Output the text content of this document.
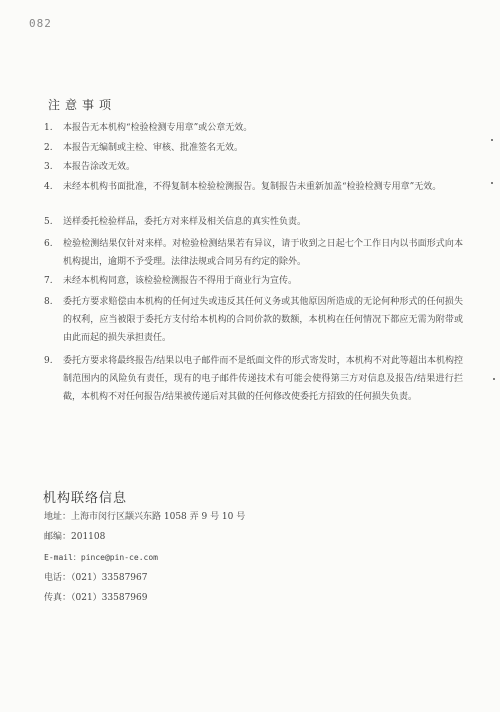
082
注意事项
1. 本报告无本机构“检验检测专用章”或公章无效。
2. 本报告无编制或主检、审核、批准签名无效。
3. 本报告涂改无效。
4. 未经本机构书面批准，不得复制本检验检测报告。复制报告未重新加盖“检验检测专用章”无效。
5. 送样委托检验样品，委托方对来样及相关信息的真实性负责。
6. 检验检测结果仅针对来样。对检验检测结果若有异议，请于收到之日起七个工作日内以书面形式向本机构提出，逾期不予受理。法律法规或合同另有约定的除外。
7. 未经本机构同意，该检验检测报告不得用于商业行为宣传。
8. 委托方要求赔偿由本机构的任何过失或违反其任何义务或其他原因所造成的无论何种形式的任何损失的权利，应当被限于委托方支付给本机构的合同价款的数额，本机构在任何情况下都应无需为附带或由此而起的损失承担责任。
9. 委托方要求将最终报告/结果以电子邮件而不是纸面文件的形式寄发时，本机构不对此等超出本机构控制范围内的风险负有责任，现有的电子邮件传递技术有可能会使得第三方对信息及报告/结果进行拦截，本机构不对任何报告/结果被传递后对其做的任何修改使委托方招致的任何损失负责。
机构联络信息
地址：上海市闵行区颛兴东路 1058 弄 9 号 10 号
邮编：201108
E-mail：pince@pin-ce.com
电话：（021）33587967
传真：（021）33587969
